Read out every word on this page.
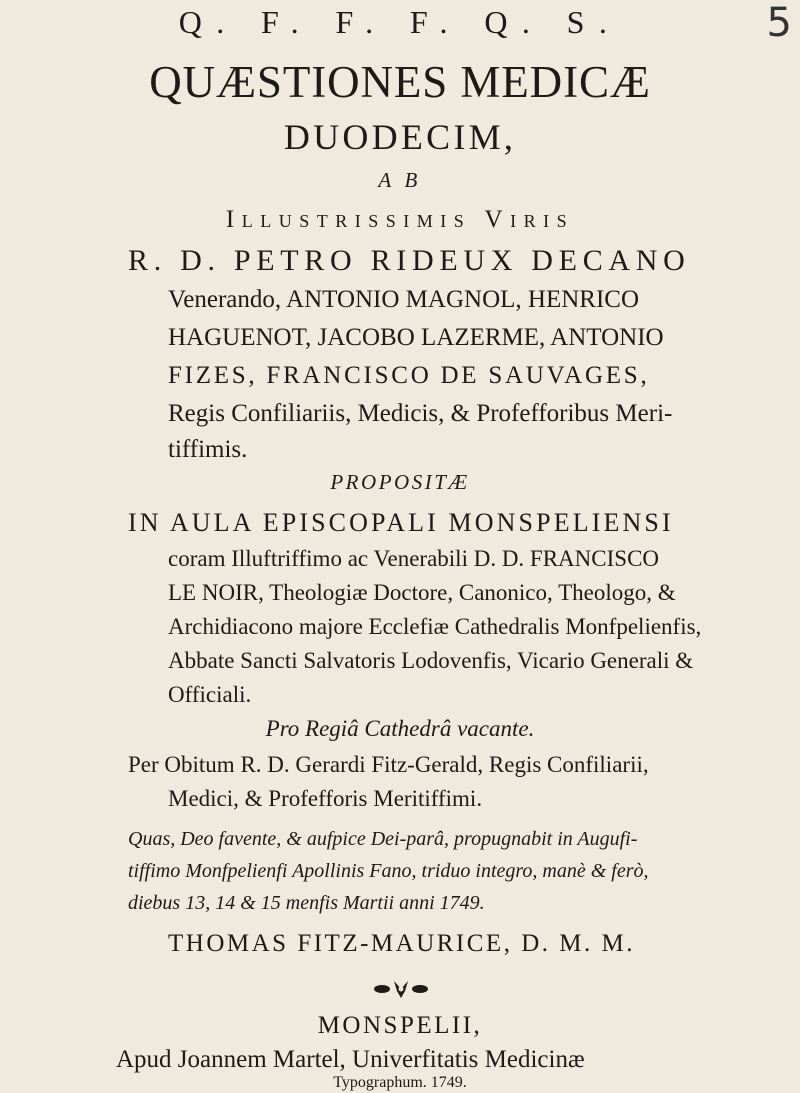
5
Q. F. F. F. Q. S.
QUÆSTIONES MEDICÆ
DUODECIM,
A B
Illustrissimis Viris
R. D. PETRO RIDEUX DECANO
Venerando, ANTONIO MAGNOL, HENRICO
HAGUENOT, JACOBO LAZERME, ANTONIO
FIZES, FRANCISCO DE SAUVAGES,
Regis Confiliariis, Medicis, & Profefforibus Meri-
tiffimis.
PROPOSITÆ
IN AULA EPISCOPALI MONSPELIENSI
coram Illuftriffimo ac Venerabili D. D. FRANCISCO
LE NOIR, Theologiæ Doctore, Canonico, Theologo, &
Archidiacono majore Ecclefiæ Cathedralis Monfpelienfis,
Abbate Sancti Salvatoris Lodovenfis, Vicario Generali &
Officiali.
Pro Regiâ Cathedrâ vacante.
Per Obitum R. D. Gerardi Fitz-Gerald, Regis Confiliarii,
Medici, & Profefforis Meritiffimi.
Quas, Deo favente, & aufpice Dei-parâ, propugnabit in Augufi-
tiffimo Monfpelienfi Apollinis Fano, triduo integro, manè & ferò,
diebus 13, 14 & 15 menfis Martii anni 1749.
THOMAS FITZ-MAURICE, D. M. M.
MONSPELII,
Apud Joannem Martel, Univerfitatis Medicinæ
Typographum. 1749.
